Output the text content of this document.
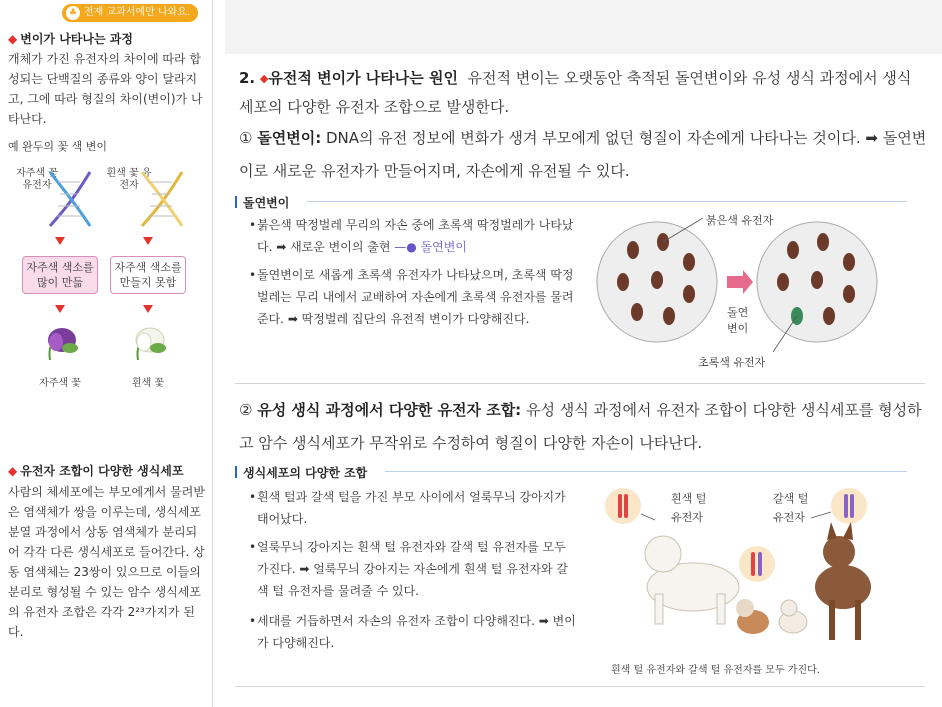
♣ 전재 교과서에만 나와요.
◆ 변이가 나타나는 과정
개체가 가진 유전자의 차이에 따라 합성되는 단백질의 종류와 양이 달라지고, 그에 따라 형질의 차이(변이)가 나타난다.
예 완두의 꽃 색 변이
자주색 꽃 유전자
흰색 꽃 유전자
자주색 색소를 많이 만듦
자주색 색소를 만들지 못함
자주색 꽃	흰색 꽃
◆ 유전자 조합이 다양한 생식세포
사람의 체세포에는 부모에게서 물려받은 염색체가 쌍을 이루는데, 생식세포 분열 과정에서 상동 염색체가 분리되어 각각 다른 생식세포로 들어간다. 상동 염색체는 23쌍이 있으므로 이들의 분리로 형성될 수 있는 암수 생식세포의 유전자 조합은 각각 2²³가지가 된다.
2. ◆유전적 변이가 나타나는 원인 유전적 변이는 오랫동안 축적된 돌연변이와 유성 생식 과정에서 생식세포의 다양한 유전자 조합으로 발생한다.
① 돌연변이: DNA의 유전 정보에 변화가 생겨 부모에게 없던 형질이 자손에게 나타나는 것이다. ➡ 돌연변이로 새로운 유전자가 만들어지며, 자손에게 유전될 수 있다.
돌연변이
• 붉은색 딱정벌레 무리의 자손 중에 초록색 딱정벌레가 나타났다. ➡ 새로운 변이의 출현 —● 돌연변이
• 돌연변이로 새롭게 초록색 유전자가 나타났으며, 초록색 딱정벌레는 무리 내에서 교배하여 자손에게 초록색 유전자를 물려준다. ➡ 딱정벌레 집단의 유전적 변이가 다양해진다.
붉은색 유전자
돌연
변이
초록색 유전자
② 유성 생식 과정에서 다양한 유전자 조합: 유성 생식 과정에서 유전자 조합이 다양한 생식세포를 형성하고 암수 생식세포가 무작위로 수정하여 형질이 다양한 자손이 나타난다.
생식세포의 다양한 조합
• 흰색 털과 갈색 털을 가진 부모 사이에서 얼룩무늬 강아지가 태어났다.
• 얼룩무늬 강아지는 흰색 털 유전자와 갈색 털 유전자를 모두 가진다. ➡ 얼룩무늬 강아지는 자손에게 흰색 털 유전자와 갈색 털 유전자를 물려줄 수 있다.
• 세대를 거듭하면서 자손의 유전자 조합이 다양해진다. ➡ 변이가 다양해진다.
흰색 털
유전자
갈색 털
유전자
흰색 털 유전자와 갈색 털 유전자를 모두 가진다.
